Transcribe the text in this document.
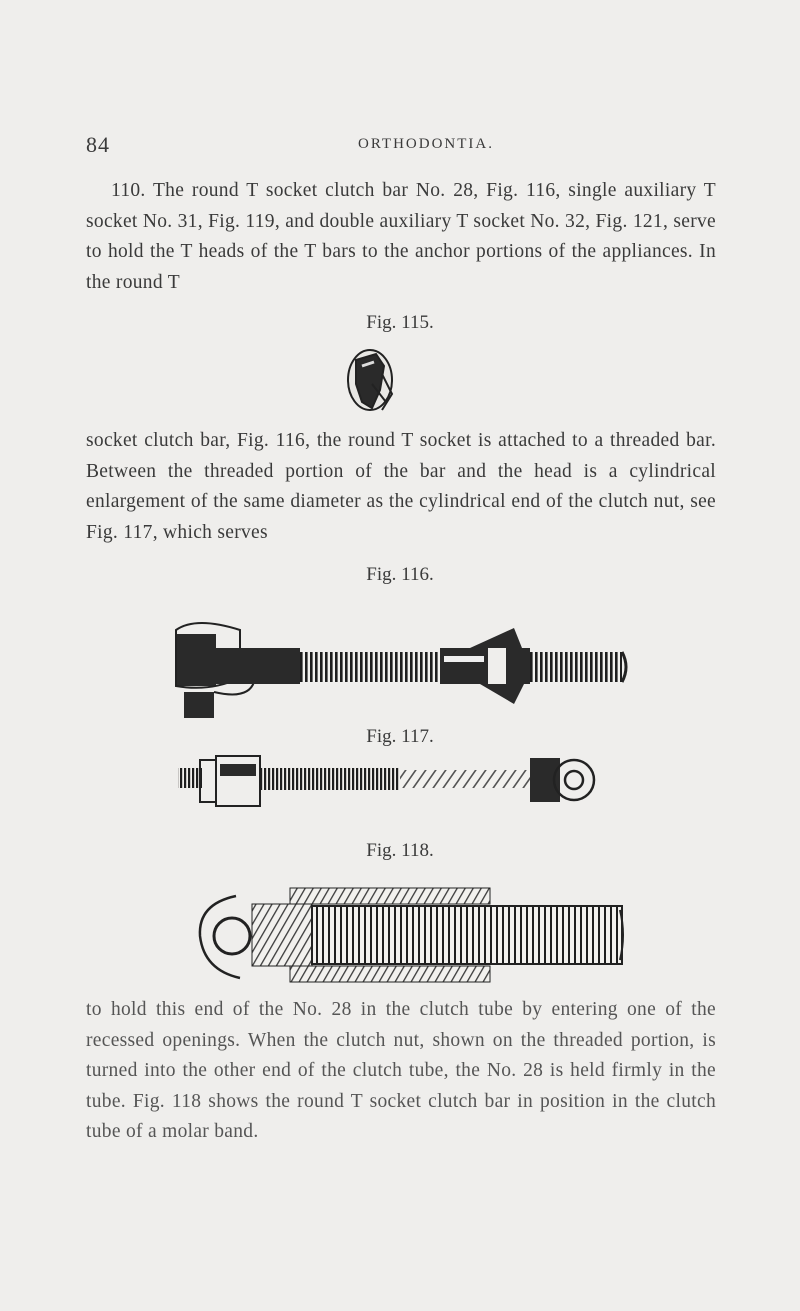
84	ORTHODONTIA.

110. The round T socket clutch bar No. 28, Fig. 116, single auxiliary T socket No. 31, Fig. 119, and double auxiliary T socket No. 32, Fig. 121, serve to hold the T heads of the T bars to the anchor portions of the appliances. In the round T

Fig. 115.

socket clutch bar, Fig. 116, the round T socket is attached to a threaded bar. Between the threaded portion of the bar and the head is a cylindrical enlargement of the same diameter as the cylindrical end of the clutch nut, see Fig. 117, which serves

Fig. 116.
Fig. 117.
Fig. 118.

to hold this end of the No. 28 in the clutch tube by entering one of the recessed openings. When the clutch nut, shown on the threaded portion, is turned into the other end of the clutch tube, the No. 28 is held firmly in the tube. Fig. 118 shows the round T socket clutch bar in position in the clutch tube of a molar band.
